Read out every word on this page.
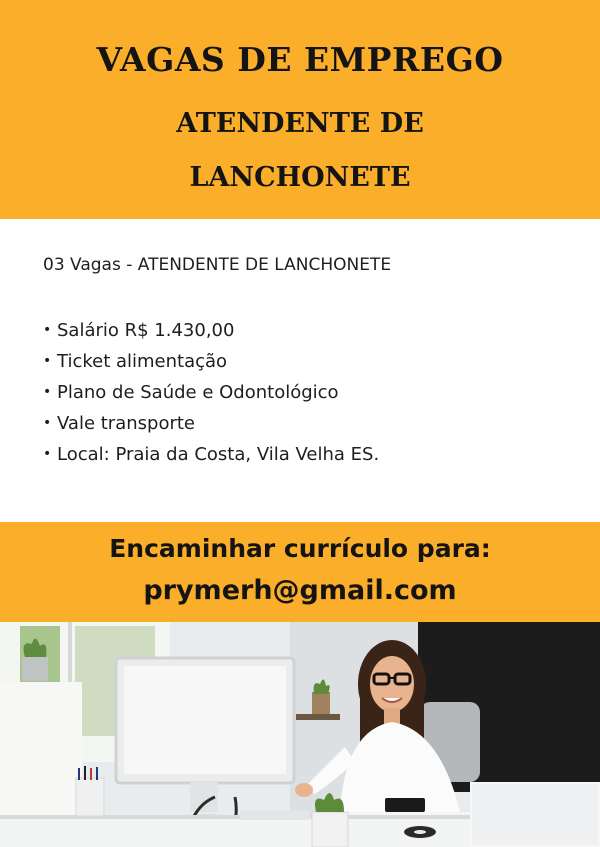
VAGAS DE EMPREGO
ATENDENTE DE
LANCHONETE
03 Vagas - ATENDENTE DE LANCHONETE
• Salário R$ 1.430,00
• Ticket alimentação
• Plano de Saúde e Odontológico
• Vale transporte
• Local: Praia da Costa, Vila Velha ES.
Encaminhar currículo para:
prymerh@gmail.com
